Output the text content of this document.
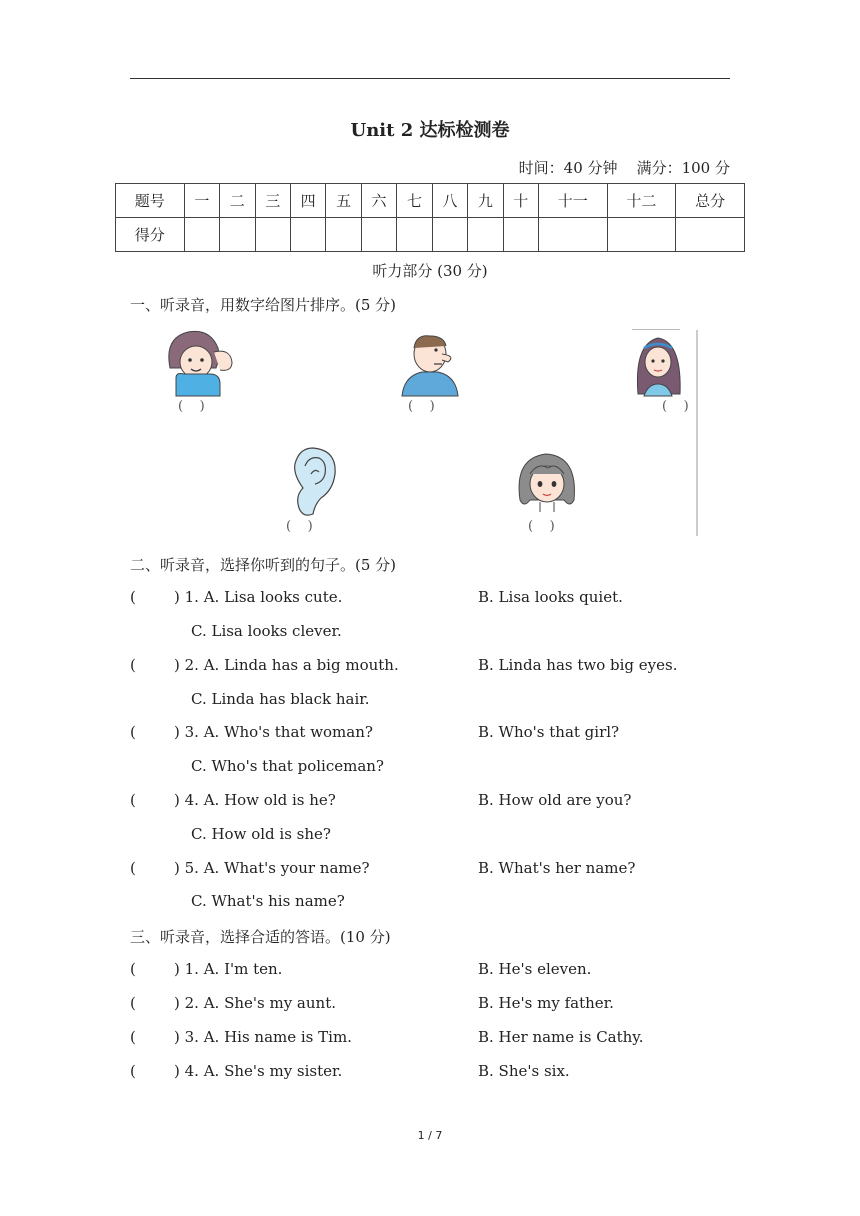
Unit 2 达标检测卷
时间：40 分钟    满分：100 分
题号	一	二	三	四	五	六	七	八	九	十	十一	十二	总分
得分													
听力部分 (30 分)
一、听录音，用数字给图片排序。(5 分)
(    )	(    )	(    )
(    )	(    )
二、听录音，选择你听到的句子。(5 分)
(        ) 1. A. Lisa looks cute.	B. Lisa looks quiet.
C. Lisa looks clever.
(        ) 2. A. Linda has a big mouth.	B. Linda has two big eyes.
C. Linda has black hair.
(        ) 3. A. Who's that woman?	B. Who's that girl?
C. Who's that policeman?
(        ) 4. A. How old is he?	B. How old are you?
C. How old is she?
(        ) 5. A. What's your name?	B. What's her name?
C. What's his name?
三、听录音，选择合适的答语。(10 分)
(        ) 1. A. I'm ten.	B. He's eleven.
(        ) 2. A. She's my aunt.	B. He's my father.
(        ) 3. A. His name is Tim.	B. Her name is Cathy.
(        ) 4. A. She's my sister.	B. She's six.
1 / 7
